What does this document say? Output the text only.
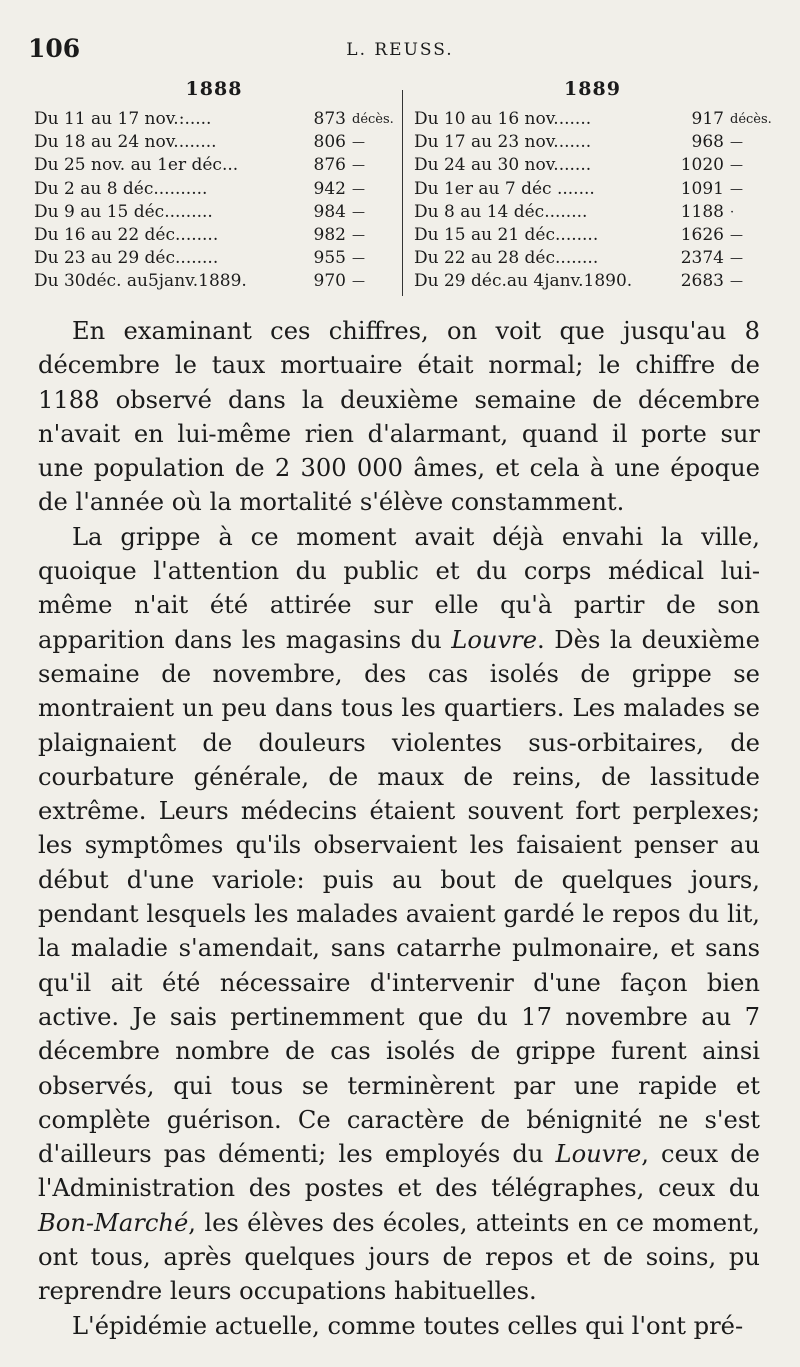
106	L. REUSS.
1888
Du 11 au 17 nov.:.....	873 décès.
Du 18 au 24 nov........	806 —
Du 25 nov. au 1er déc...	876 —
Du 2 au 8 déc..........	942 —
Du 9 au 15 déc.........	984 —
Du 16 au 22 déc........	982 —
Du 23 au 29 déc........	955 —
Du 30déc. au5janv.1889.	970 —
1889
Du 10 au 16 nov.......	917 décès.
Du 17 au 23 nov.......	968 —
Du 24 au 30 nov.......	1020 —
Du 1er au 7 déc .......	1091 —
Du 8 au 14 déc........	1188 ·
Du 15 au 21 déc........	1626 —
Du 22 au 28 déc........	2374 —
Du 29 déc.au 4janv.1890.	2683 —

En examinant ces chiffres, on voit que jusqu'au 8 décembre le taux mortuaire était normal; le chiffre de 1188 observé dans la deuxième semaine de décembre n'avait en lui-même rien d'alarmant, quand il porte sur une population de 2 300 000 âmes, et cela à une époque de l'année où la mortalité s'élève constamment.

La grippe à ce moment avait déjà envahi la ville, quoique l'attention du public et du corps médical lui-même n'ait été attirée sur elle qu'à partir de son apparition dans les magasins du Louvre. Dès la deuxième semaine de novembre, des cas isolés de grippe se montraient un peu dans tous les quartiers. Les malades se plaignaient de douleurs violentes sus-orbitaires, de courbature générale, de maux de reins, de lassitude extrême. Leurs médecins étaient souvent fort perplexes; les symptômes qu'ils observaient les faisaient penser au début d'une variole: puis au bout de quelques jours, pendant lesquels les malades avaient gardé le repos du lit, la maladie s'amendait, sans catarrhe pulmonaire, et sans qu'il ait été nécessaire d'intervenir d'une façon bien active. Je sais pertinemment que du 17 novembre au 7 décembre nombre de cas isolés de grippe furent ainsi observés, qui tous se terminèrent par une rapide et complète guérison. Ce caractère de bénignité ne s'est d'ailleurs pas démenti; les employés du Louvre, ceux de l'Administration des postes et des télégraphes, ceux du Bon-Marché, les élèves des écoles, atteints en ce moment, ont tous, après quelques jours de repos et de soins, pu reprendre leurs occupations habituelles.

L'épidémie actuelle, comme toutes celles qui l'ont pré-
